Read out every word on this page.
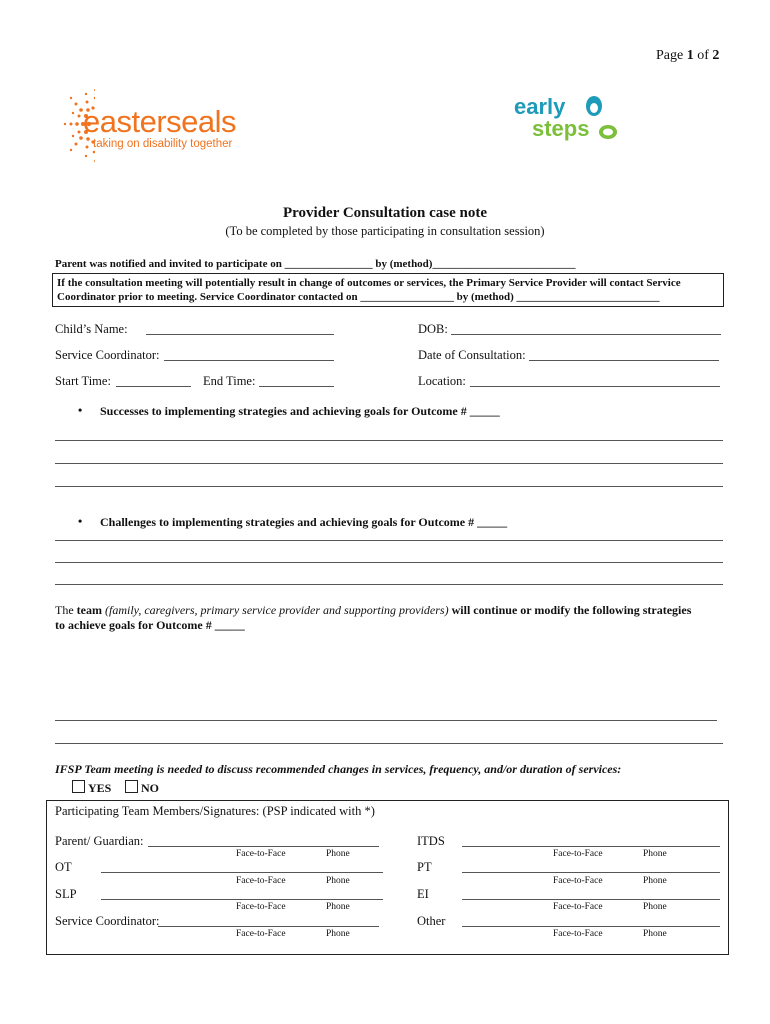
Page 1 of 2
easterseals
taking on disability together
early
steps
Provider Consultation case note
(To be completed by those participating in consultation session)
Parent was notified and invited to participate on ________________ by (method)__________________________
If the consultation meeting will potentially result in change of outcomes or services, the Primary Service Provider will contact Service
Coordinator prior to meeting. Service Coordinator contacted on _________________ by (method) __________________________
Child’s Name:	DOB:
Service Coordinator:	Date of Consultation:
Start Time:	End Time:	Location:
• Successes to implementing strategies and achieving goals for Outcome # _____
• Challenges to implementing strategies and achieving goals for Outcome # _____
The team (family, caregivers, primary service provider and supporting providers) will continue or modify the following strategies
to achieve goals for Outcome # _____
IFSP Team meeting is needed to discuss recommended changes in services, frequency, and/or duration of services:
YES	NO
Participating Team Members/Signatures: (PSP indicated with *)
Parent/ Guardian:
Face-to-Face	Phone
OT
Face-to-Face	Phone
SLP
Face-to-Face	Phone
Service Coordinator:
Face-to-Face	Phone
ITDS
Face-to-Face	Phone
PT
Face-to-Face	Phone
EI
Face-to-Face	Phone
Other
Face-to-Face	Phone
